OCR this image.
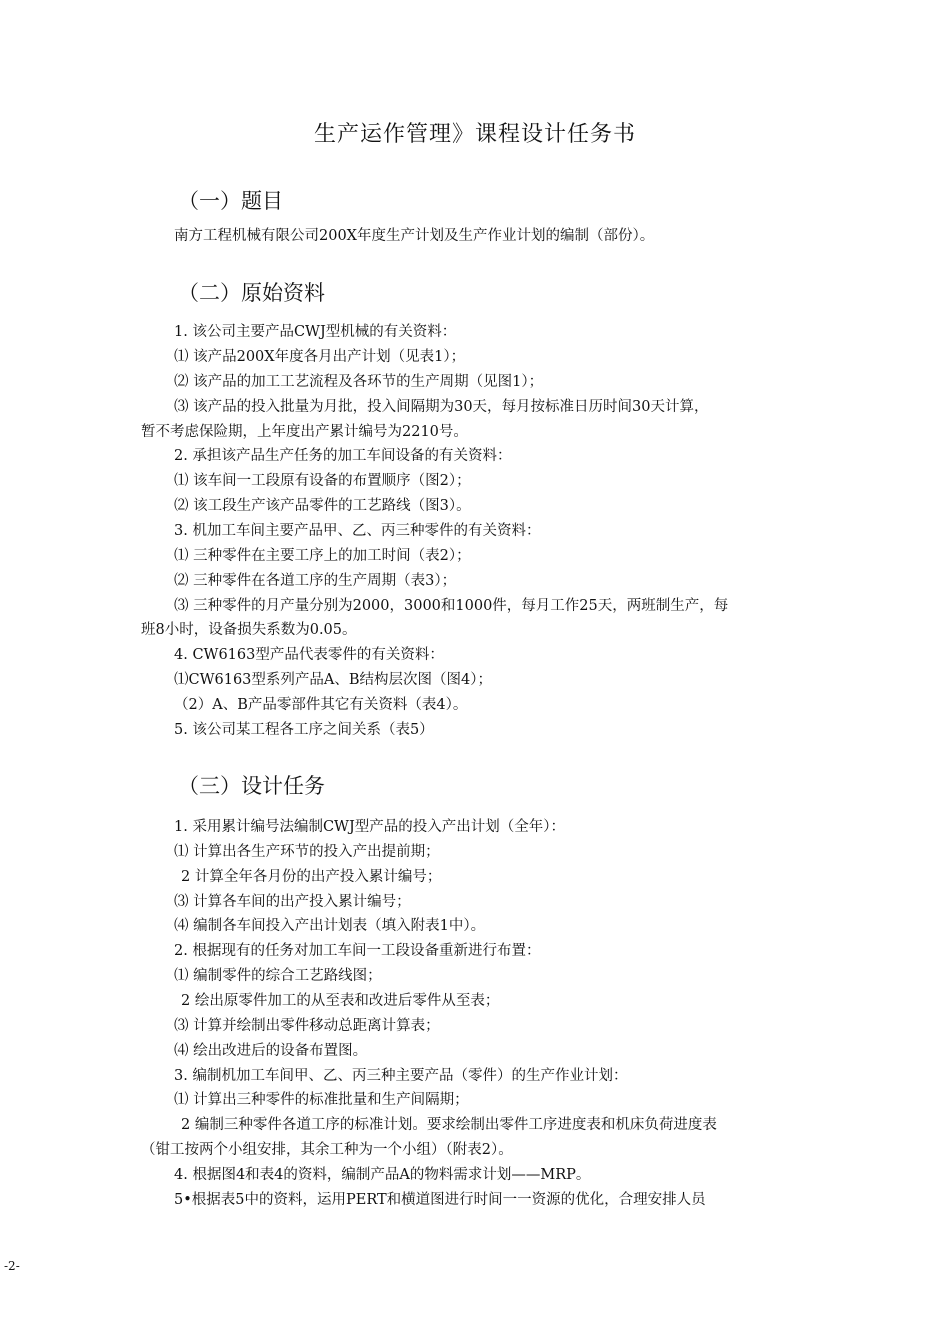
生产运作管理》课程设计任务书
（一）题目
南方工程机械有限公司200X年度生产计划及生产作业计划的编制（部份）。
（二）原始资料
1. 该公司主要产品CWJ型机械的有关资料：
⑴ 该产品200X年度各月出产计划（见表1）；
⑵ 该产品的加工工艺流程及各环节的生产周期（见图1）；
⑶ 该产品的投入批量为月批，投入间隔期为30天，每月按标准日历时间30天计算，
暂不考虑保险期，上年度出产累计编号为2210号。
2. 承担该产品生产任务的加工车间设备的有关资料：
⑴ 该车间一工段原有设备的布置顺序（图2）；
⑵ 该工段生产该产品零件的工艺路线（图3）。
3. 机加工车间主要产品甲、乙、丙三种零件的有关资料：
⑴ 三种零件在主要工序上的加工时间（表2）；
⑵ 三种零件在各道工序的生产周期（表3）；
⑶ 三种零件的月产量分别为2000，3000和1000件，每月工作25天，两班制生产，每
班8小时，设备损失系数为0.05。
4. CW6163型产品代表零件的有关资料：
⑴CW6163型系列产品A、B结构层次图（图4）；
（2）A、B产品零部件其它有关资料（表4）。
5. 该公司某工程各工序之间关系（表5）
（三）设计任务
1. 采用累计编号法编制CWJ型产品的投入产出计划（全年）：
⑴ 计算出各生产环节的投入产出提前期；
2 计算全年各月份的出产投入累计编号；
⑶ 计算各车间的出产投入累计编号；
⑷ 编制各车间投入产出计划表（填入附表1中）。
2. 根据现有的任务对加工车间一工段设备重新进行布置：
⑴ 编制零件的综合工艺路线图；
2 绘出原零件加工的从至表和改进后零件从至表；
⑶ 计算并绘制出零件移动总距离计算表；
⑷ 绘出改进后的设备布置图。
3. 编制机加工车间甲、乙、丙三种主要产品（零件）的生产作业计划：
⑴ 计算出三种零件的标准批量和生产间隔期；
2 编制三种零件各道工序的标准计划。要求绘制出零件工序进度表和机床负荷进度表
（钳工按两个小组安排，其余工种为一个小组）（附表2）。
4. 根据图4和表4的资料，编制产品A的物料需求计划——MRP。
5•根据表5中的资料，运用PERT和横道图进行时间一一资源的优化，合理安排人员
-2-
